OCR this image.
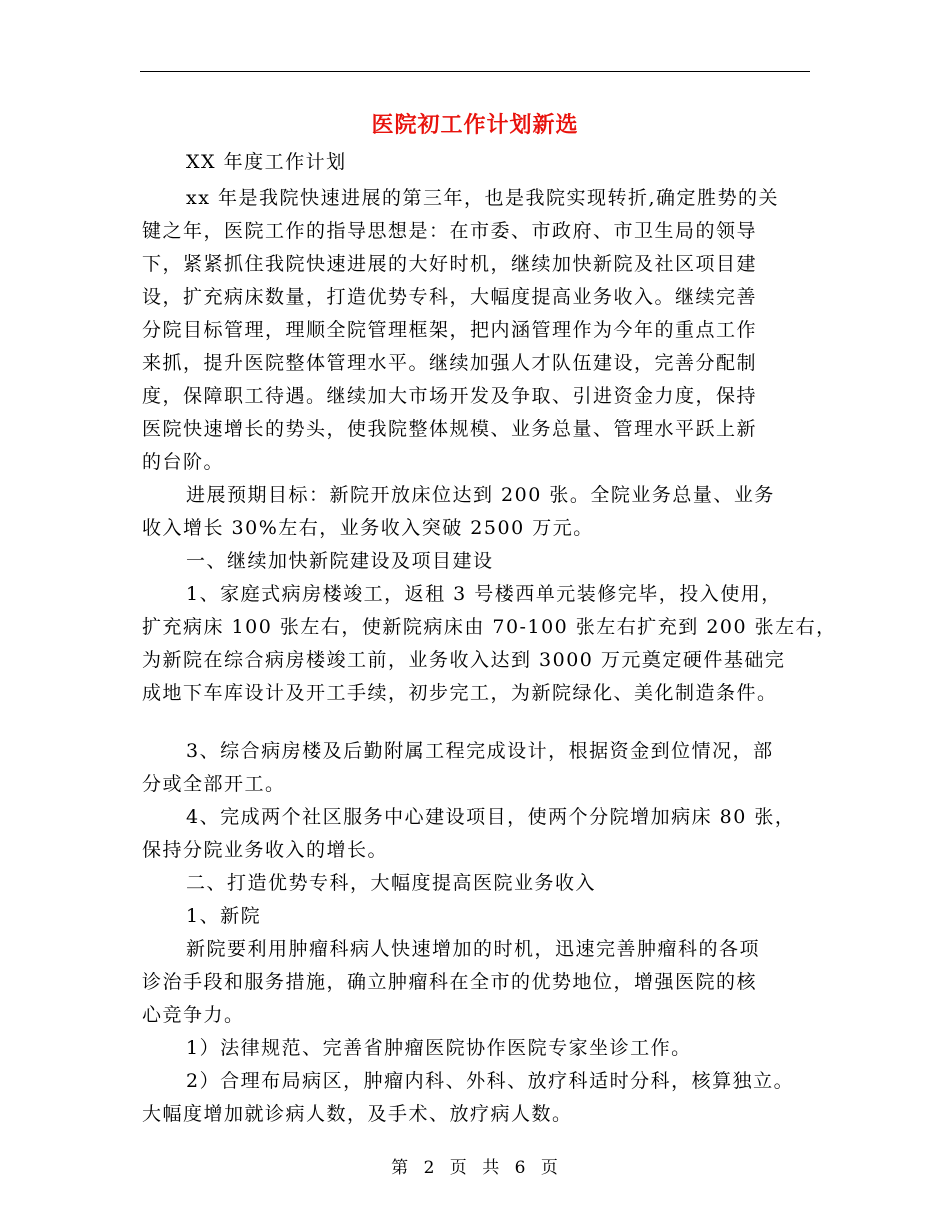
医院初工作计划新选
XX 年度工作计划
xx 年是我院快速进展的第三年，也是我院实现转折,确定胜势的关
键之年，医院工作的指导思想是：在市委、市政府、市卫生局的领导
下，紧紧抓住我院快速进展的大好时机，继续加快新院及社区项目建
设，扩充病床数量，打造优势专科，大幅度提高业务收入。继续完善
分院目标管理，理顺全院管理框架，把内涵管理作为今年的重点工作
来抓，提升医院整体管理水平。继续加强人才队伍建设，完善分配制
度，保障职工待遇。继续加大市场开发及争取、引进资金力度，保持
医院快速增长的势头，使我院整体规模、业务总量、管理水平跃上新
的台阶。
进展预期目标：新院开放床位达到 200 张。全院业务总量、业务
收入增长 30%左右，业务收入突破 2500 万元。
一、继续加快新院建设及项目建设
1、家庭式病房楼竣工，返租 3 号楼西单元装修完毕，投入使用，
扩充病床 100 张左右，使新院病床由 70-100 张左右扩充到 200 张左右，
为新院在综合病房楼竣工前，业务收入达到 3000 万元奠定硬件基础完
成地下车库设计及开工手续，初步完工，为新院绿化、美化制造条件。
3、综合病房楼及后勤附属工程完成设计，根据资金到位情况，部
分或全部开工。
4、完成两个社区服务中心建设项目，使两个分院增加病床 80 张，
保持分院业务收入的增长。
二、打造优势专科，大幅度提高医院业务收入
1、新院
新院要利用肿瘤科病人快速增加的时机，迅速完善肿瘤科的各项
诊治手段和服务措施，确立肿瘤科在全市的优势地位，增强医院的核
心竞争力。
1）法律规范、完善省肿瘤医院协作医院专家坐诊工作。
2）合理布局病区，肿瘤内科、外科、放疗科适时分科，核算独立。
大幅度增加就诊病人数，及手术、放疗病人数。
第 2 页 共 6 页
